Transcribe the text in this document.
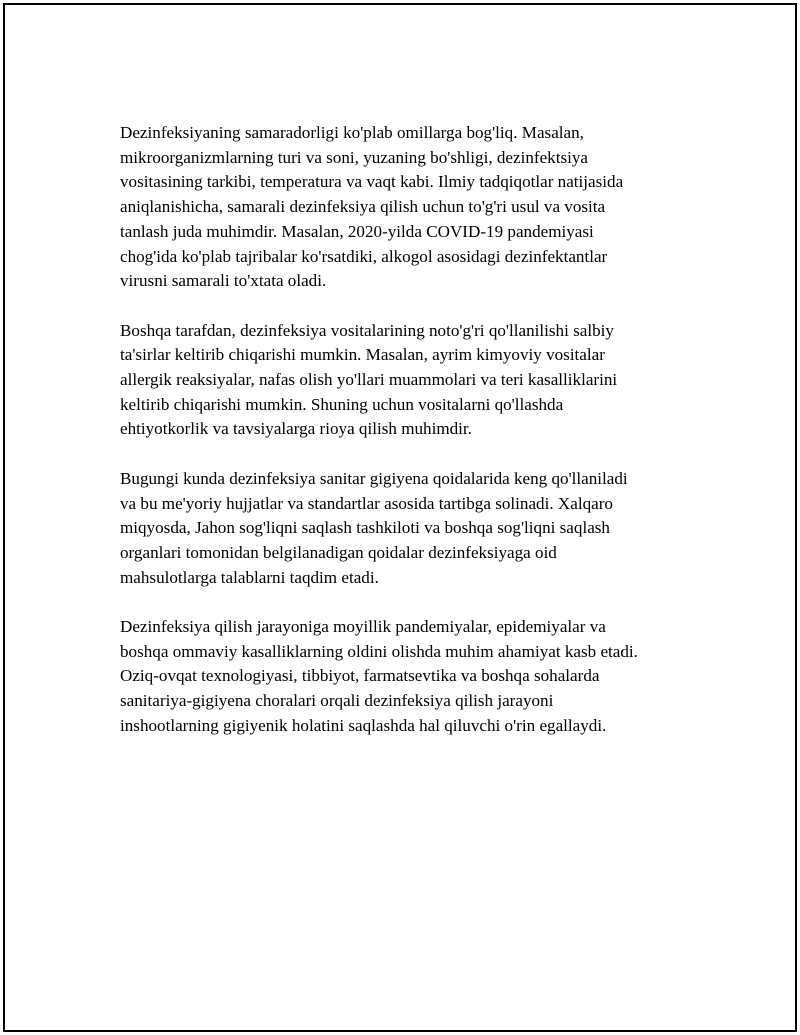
Dezinfeksiyaning samaradorligi ko'plab omillarga bog'liq. Masalan,
mikroorganizmlarning turi va soni, yuzaning bo'shligi, dezinfektsiya
vositasining tarkibi, temperatura va vaqt kabi. Ilmiy tadqiqotlar natijasida
aniqlanishicha, samarali dezinfeksiya qilish uchun to'g'ri usul va vosita
tanlash juda muhimdir. Masalan, 2020-yilda COVID-19 pandemiyasi
chog'ida ko'plab tajribalar ko'rsatdiki, alkogol asosidagi dezinfektantlar
virusni samarali to'xtata oladi.

Boshqa tarafdan, dezinfeksiya vositalarining noto'g'ri qo'llanilishi salbiy
ta'sirlar keltirib chiqarishi mumkin. Masalan, ayrim kimyoviy vositalar
allergik reaksiyalar, nafas olish yo'llari muammolari va teri kasalliklarini
keltirib chiqarishi mumkin. Shuning uchun vositalarni qo'llashda
ehtiyotkorlik va tavsiyalarga rioya qilish muhimdir.

Bugungi kunda dezinfeksiya sanitar gigiyena qoidalarida keng qo'llaniladi
va bu me'yoriy hujjatlar va standartlar asosida tartibga solinadi. Xalqaro
miqyosda, Jahon sog'liqni saqlash tashkiloti va boshqa sog'liqni saqlash
organlari tomonidan belgilanadigan qoidalar dezinfeksiyaga oid
mahsulotlarga talablarni taqdim etadi.

Dezinfeksiya qilish jarayoniga moyillik pandemiyalar, epidemiyalar va
boshqa ommaviy kasalliklarning oldini olishda muhim ahamiyat kasb etadi.
Oziq-ovqat texnologiyasi, tibbiyot, farmatsevtika va boshqa sohalarda
sanitariya-gigiyena choralari orqali dezinfeksiya qilish jarayoni
inshootlarning gigiyenik holatini saqlashda hal qiluvchi o'rin egallaydi.
